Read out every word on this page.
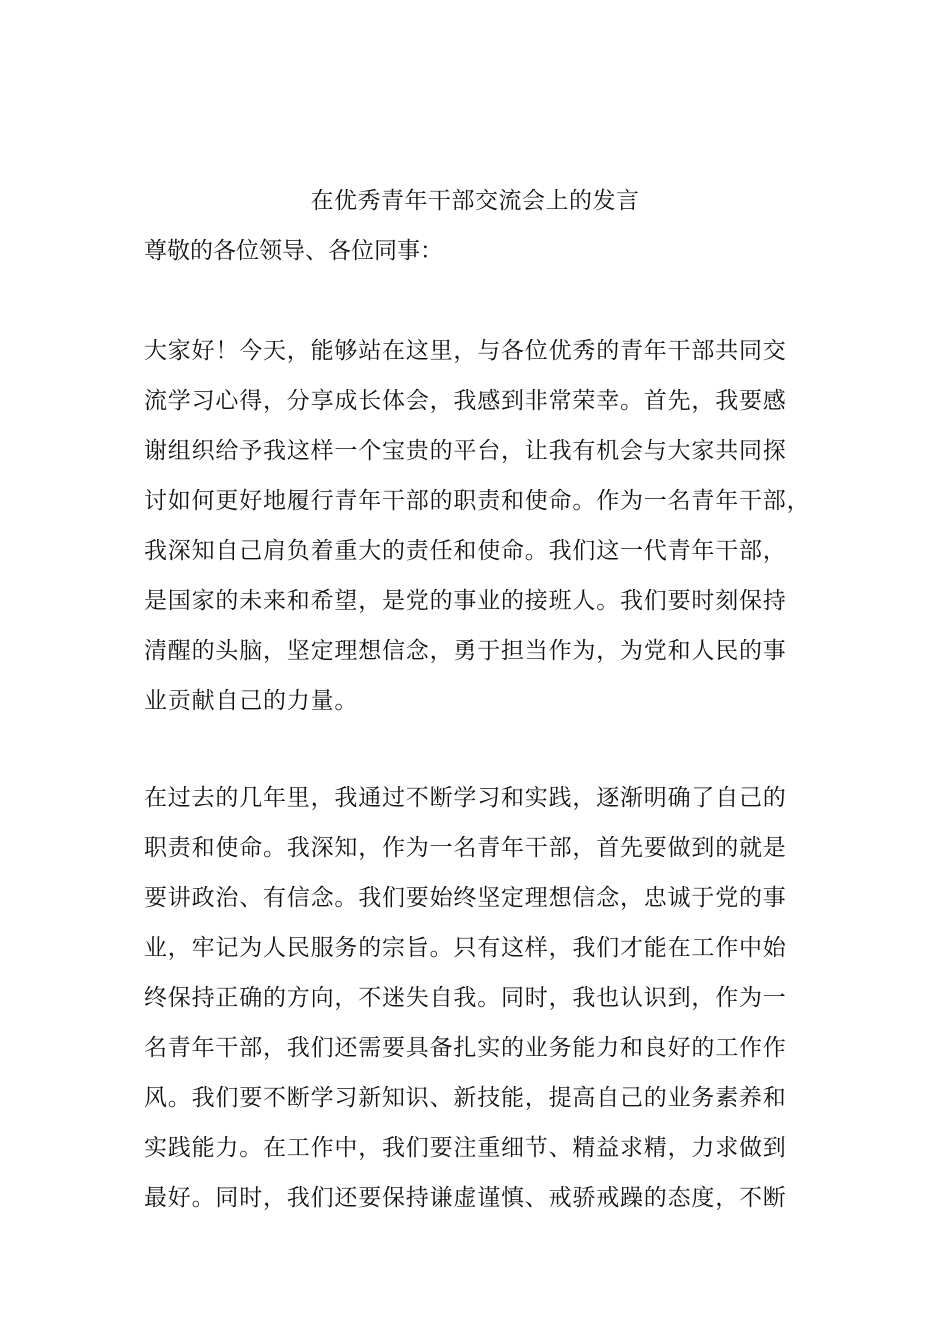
在优秀青年干部交流会上的发言
尊敬的各位领导、各位同事：
大家好！今天，能够站在这里，与各位优秀的青年干部共同交
流学习心得，分享成长体会，我感到非常荣幸。首先，我要感
谢组织给予我这样一个宝贵的平台，让我有机会与大家共同探
讨如何更好地履行青年干部的职责和使命。作为一名青年干部，
我深知自己肩负着重大的责任和使命。我们这一代青年干部，
是国家的未来和希望，是党的事业的接班人。我们要时刻保持
清醒的头脑，坚定理想信念，勇于担当作为，为党和人民的事
业贡献自己的力量。
在过去的几年里，我通过不断学习和实践，逐渐明确了自己的
职责和使命。我深知，作为一名青年干部，首先要做到的就是
要讲政治、有信念。我们要始终坚定理想信念，忠诚于党的事
业，牢记为人民服务的宗旨。只有这样，我们才能在工作中始
终保持正确的方向，不迷失自我。同时，我也认识到，作为一
名青年干部，我们还需要具备扎实的业务能力和良好的工作作
风。我们要不断学习新知识、新技能，提高自己的业务素养和
实践能力。在工作中，我们要注重细节、精益求精，力求做到
最好。同时，我们还要保持谦虚谨慎、戒骄戒躁的态度，不断
